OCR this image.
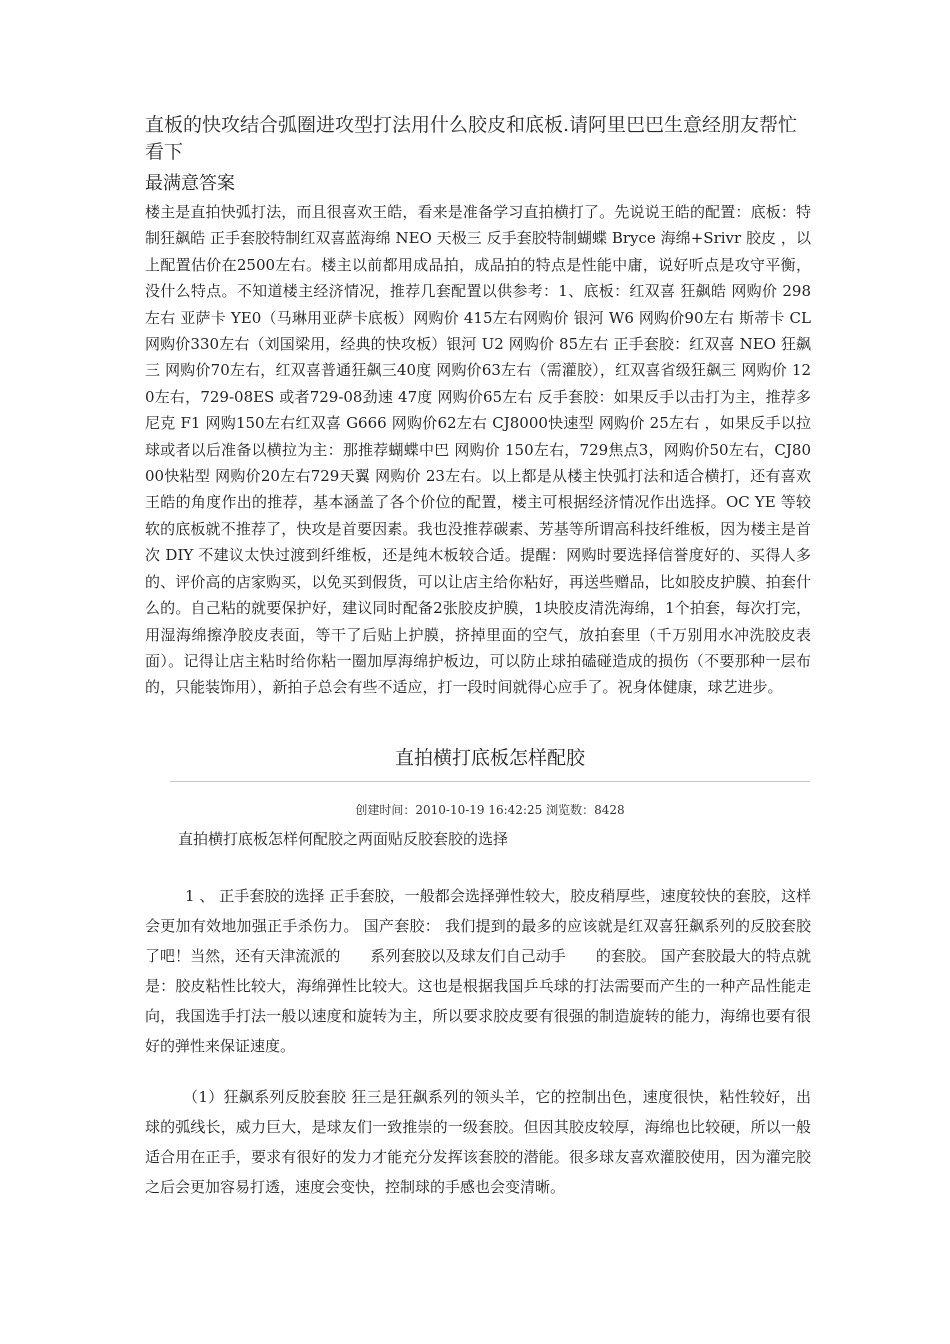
直板的快攻结合弧圈进攻型打法用什么胶皮和底板.请阿里巴巴生意经朋友帮忙看下
最满意答案

楼主是直拍快弧打法，而且很喜欢王皓，看来是准备学习直拍横打了。先说说王皓的配置：底板：特制狂飙皓 正手套胶特制红双喜蓝海绵 NEO 天极三 反手套胶特制蝴蝶 Bryce 海绵+Srivr 胶皮 ，以上配置估价在2500左右。楼主以前都用成品拍，成品拍的特点是性能中庸，说好听点是攻守平衡，没什么特点。不知道楼主经济情况，推荐几套配置以供参考：1、底板：红双喜 狂飙皓 网购价 298左右 亚萨卡 YE0（马琳用亚萨卡底板）网购价 415左右网购价 银河 W6 网购价90左右 斯蒂卡 CL 网购价330左右（刘国梁用，经典的快攻板）银河 U2 网购价 85左右 正手套胶：红双喜 NEO 狂飙三 网购价70左右，红双喜普通狂飙三40度 网购价63左右（需灌胶），红双喜省级狂飙三 网购价 120左右，729-08ES 或者729-08劲速 47度 网购价65左右 反手套胶：如果反手以击打为主，推荐多尼克 F1 网购150左右红双喜 G666 网购价62左右 CJ8000快速型 网购价 25左右 ，如果反手以拉球或者以后准备以横拉为主：那推荐蝴蝶中巴 网购价 150左右，729焦点3，网购价50左右，CJ8000快粘型 网购价20左右729天翼 网购价 23左右。以上都是从楼主快弧打法和适合横打，还有喜欢王皓的角度作出的推荐，基本涵盖了各个价位的配置，楼主可根据经济情况作出选择。OC YE 等较软的底板就不推荐了，快攻是首要因素。我也没推荐碳素、芳基等所谓高科技纤维板，因为楼主是首次 DIY 不建议太快过渡到纤维板，还是纯木板较合适。提醒：网购时要选择信誉度好的、买得人多的、评价高的店家购买，以免买到假货，可以让店主给你粘好，再送些赠品，比如胶皮护膜、拍套什么的。自己粘的就要保护好，建议同时配备2张胶皮护膜，1块胶皮清洗海绵，1个拍套，每次打完，用湿海绵擦净胶皮表面，等干了后贴上护膜，挤掉里面的空气，放拍套里（千万别用水冲洗胶皮表面）。记得让店主粘时给你粘一圈加厚海绵护板边，可以防止球拍磕碰造成的损伤（不要那种一层布的，只能装饰用），新拍子总会有些不适应，打一段时间就得心应手了。祝身体健康，球艺进步。

直拍横打底板怎样配胶
创建时间：2010-10-19 16:42:25 浏览数：8428
直拍横打底板怎样何配胶之两面贴反胶套胶的选择

1 、 正手套胶的选择 正手套胶，一般都会选择弹性较大，胶皮稍厚些，速度较快的套胶，这样会更加有效地加强正手杀伤力。 国产套胶： 我们提到的最多的应该就是红双喜狂飙系列的反胶套胶了吧！当然，还有天津流派的　　系列套胶以及球友们自己动手　　的套胶。 国产套胶最大的特点就是：胶皮粘性比较大，海绵弹性比较大。这也是根据我国乒乓球的打法需要而产生的一种产品性能走向，我国选手打法一般以速度和旋转为主，所以要求胶皮要有很强的制造旋转的能力，海绵也要有很好的弹性来保证速度。

（1）狂飙系列反胶套胶 狂三是狂飙系列的领头羊，它的控制出色，速度很快，粘性较好，出球的弧线长，威力巨大，是球友们一致推崇的一级套胶。但因其胶皮较厚，海绵也比较硬，所以一般适合用在正手，要求有很好的发力才能充分发挥该套胶的潜能。很多球友喜欢灌胶使用，因为灌完胶之后会更加容易打透，速度会变快，控制球的手感也会变清晰。
